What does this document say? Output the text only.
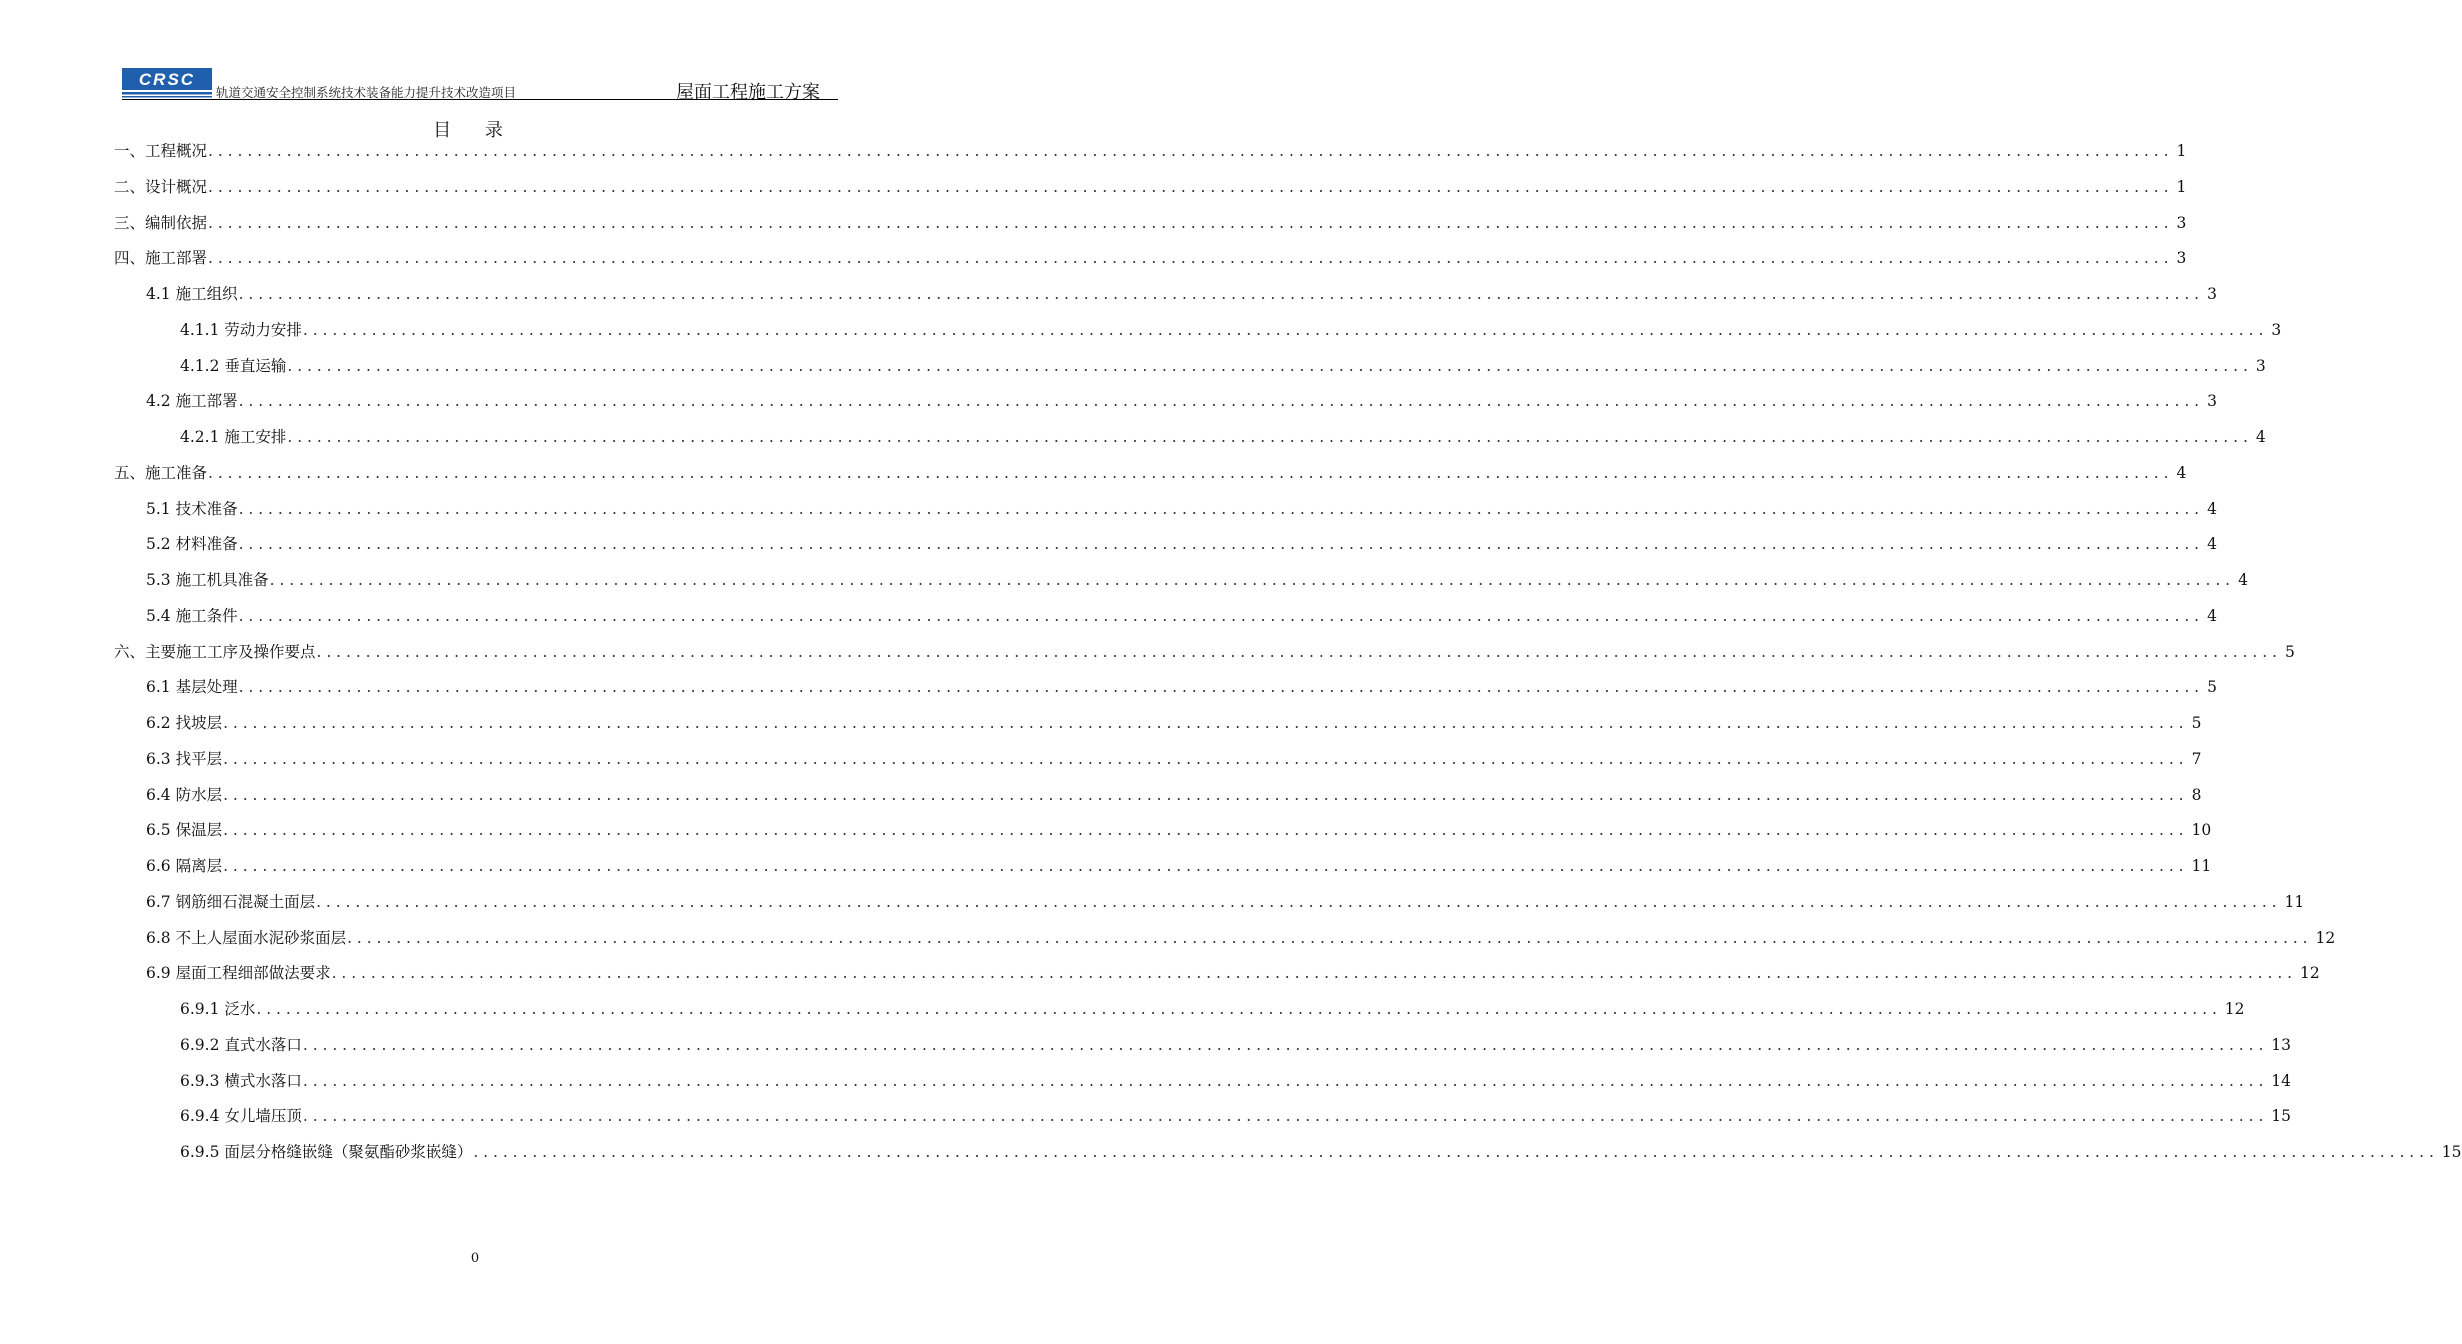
CRSC
轨道交通安全控制系统技术装备能力提升技术改造项目	屋面工程施工方案
目 录
一、工程概况 ........................................................................................................................................................................................................ 1
二、设计概况 ........................................................................................................................................................................................................ 1
三、编制依据 ........................................................................................................................................................................................................ 3
四、施工部署 ........................................................................................................................................................................................................ 3
4.1 施工组织 ........................................................................................................................................................................................................ 3
4.1.1 劳动力安排 ........................................................................................................................................................................................................ 3
4.1.2 垂直运输 ........................................................................................................................................................................................................ 3
4.2 施工部署 ........................................................................................................................................................................................................ 3
4.2.1 施工安排 ........................................................................................................................................................................................................ 4
五、施工准备 ........................................................................................................................................................................................................ 4
5.1 技术准备 ........................................................................................................................................................................................................ 4
5.2 材料准备 ........................................................................................................................................................................................................ 4
5.3 施工机具准备 ........................................................................................................................................................................................................ 4
5.4 施工条件 ........................................................................................................................................................................................................ 4
六、主要施工工序及操作要点 ........................................................................................................................................................................................................ 5
6.1 基层处理 ........................................................................................................................................................................................................ 5
6.2 找坡层 ........................................................................................................................................................................................................ 5
6.3 找平层 ........................................................................................................................................................................................................ 7
6.4 防水层 ........................................................................................................................................................................................................ 8
6.5 保温层 ........................................................................................................................................................................................................ 10
6.6 隔离层 ........................................................................................................................................................................................................ 11
6.7 钢筋细石混凝土面层 ........................................................................................................................................................................................................ 11
6.8 不上人屋面水泥砂浆面层 ........................................................................................................................................................................................................ 12
6.9 屋面工程细部做法要求 ........................................................................................................................................................................................................ 12
6.9.1 泛水 ........................................................................................................................................................................................................ 12
6.9.2 直式水落口 ........................................................................................................................................................................................................ 13
6.9.3 横式水落口 ........................................................................................................................................................................................................ 14
6.9.4 女儿墙压顶 ........................................................................................................................................................................................................ 15
6.9.5 面层分格缝嵌缝（聚氨酯砂浆嵌缝） ........................................................................................................................................................................................................ 15
0
